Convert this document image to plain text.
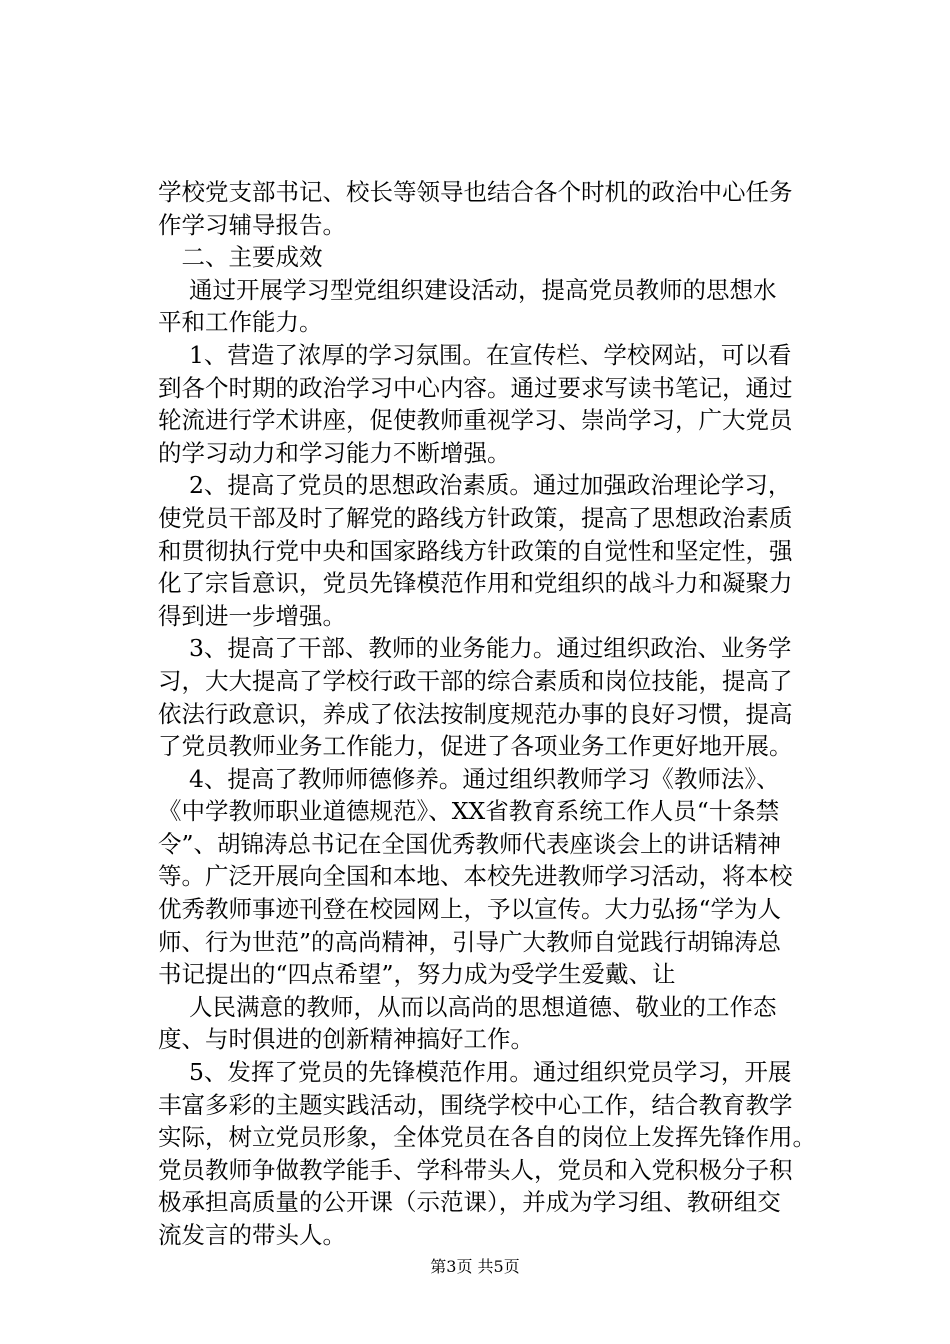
学校党支部书记、校长等领导也结合各个时机的政治中心任务
作学习辅导报告。
　二、主要成效
　 通过开展学习型党组织建设活动，提高党员教师的思想水
平和工作能力。
　 1、营造了浓厚的学习氛围。在宣传栏、学校网站，可以看
到各个时期的政治学习中心内容。通过要求写读书笔记，通过
轮流进行学术讲座，促使教师重视学习、崇尚学习，广大党员
的学习动力和学习能力不断增强。
　 2、提高了党员的思想政治素质。通过加强政治理论学习，
使党员干部及时了解党的路线方针政策，提高了思想政治素质
和贯彻执行党中央和国家路线方针政策的自觉性和坚定性，强
化了宗旨意识，党员先锋模范作用和党组织的战斗力和凝聚力
得到进一步增强。
　 3、提高了干部、教师的业务能力。通过组织政治、业务学
习，大大提高了学校行政干部的综合素质和岗位技能，提高了
依法行政意识，养成了依法按制度规范办事的良好习惯，提高
了党员教师业务工作能力，促进了各项业务工作更好地开展。
　 4、提高了教师师德修养。通过组织教师学习《教师法》、
《中学教师职业道德规范》、XX省教育系统工作人员“十条禁
令”、胡锦涛总书记在全国优秀教师代表座谈会上的讲话精神
等。广泛开展向全国和本地、本校先进教师学习活动，将本校
优秀教师事迹刊登在校园网上，予以宣传。大力弘扬“学为人
师、行为世范”的高尚精神，引导广大教师自觉践行胡锦涛总
书记提出的“四点希望”，努力成为受学生爱戴、让
　 人民满意的教师，从而以高尚的思想道德、敬业的工作态
度、与时俱进的创新精神搞好工作。
　 5、发挥了党员的先锋模范作用。通过组织党员学习，开展
丰富多彩的主题实践活动，围绕学校中心工作，结合教育教学
实际，树立党员形象，全体党员在各自的岗位上发挥先锋作用。
党员教师争做教学能手、学科带头人，党员和入党积极分子积
极承担高质量的公开课（示范课），并成为学习组、教研组交
流发言的带头人。
第3页 共5页
